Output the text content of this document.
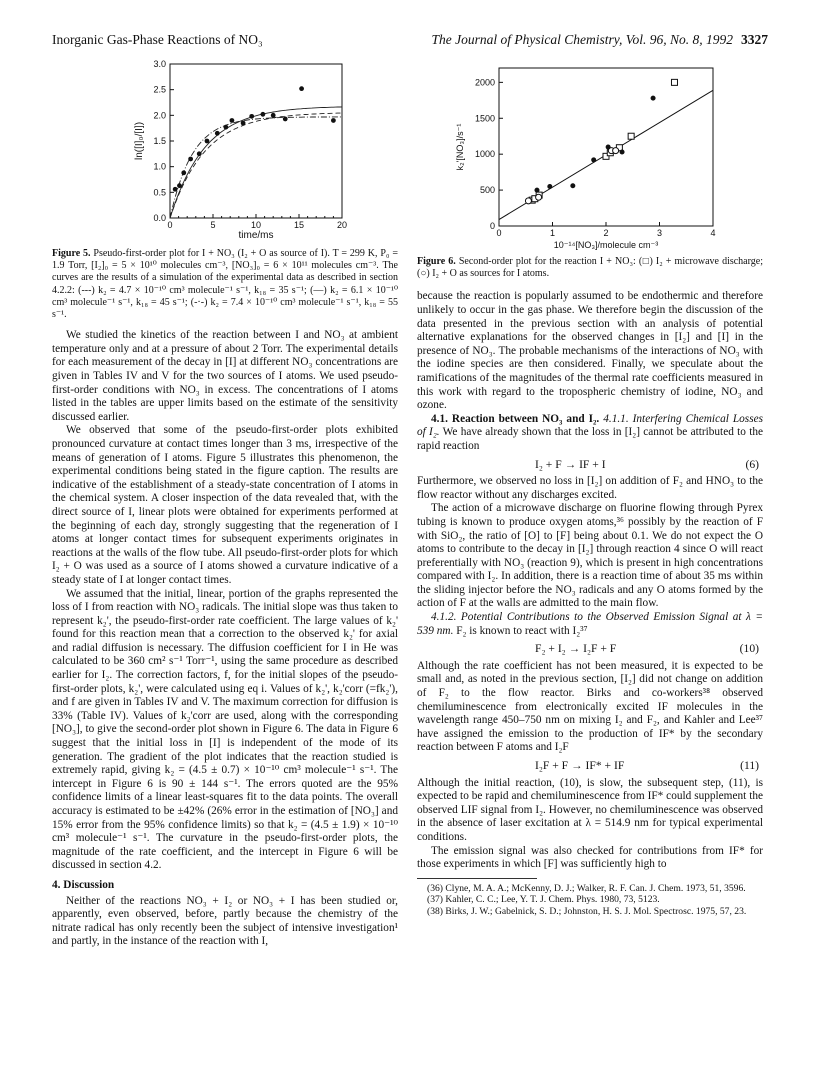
Inorganic Gas-Phase Reactions of NO₃	The Journal of Physical Chemistry, Vol. 96, No. 8, 1992 3327
0	5	10	15	20
0.0
0.5
1.0
1.5
2.0
2.5
3.0
time/ms
ln([I]₀/[I])
Figure 5. Pseudo-first-order plot for I + NO₃ (I₂ + O as source of I). T = 299 K, P₀ = 1.9 Torr, [I₂]₀ = 5 × 10¹⁰ molecules cm⁻³, [NO₃]₀ = 6 × 10¹¹ molecules cm⁻³. The curves are the results of a simulation of the experimental data as described in section 4.2.2: (---) k₂ = 4.7 × 10⁻¹⁰ cm³ molecule⁻¹ s⁻¹, k₁₈ = 35 s⁻¹; (—) k₂ = 6.1 × 10⁻¹⁰ cm³ molecule⁻¹ s⁻¹, k₁₈ = 45 s⁻¹; (-·-) k₂ = 7.4 × 10⁻¹⁰ cm³ molecule⁻¹ s⁻¹, k₁₈ = 55 s⁻¹.

We studied the kinetics of the reaction between I and NO₃ at ambient temperature only and at a pressure of about 2 Torr. The experimental details for each measurement of the decay in [I] at different NO₃ concentrations are given in Tables IV and V for the two sources of I atoms. We used pseudo-first-order conditions with NO₃ in excess. The concentrations of I atoms listed in the tables are upper limits based on the estimate of the sensitivity discussed earlier.

We observed that some of the pseudo-first-order plots exhibited pronounced curvature at contact times longer than 3 ms, irrespective of the means of generation of I atoms. Figure 5 illustrates this phenomenon, the experimental conditions being stated in the figure caption. The results are indicative of the establishment of a steady-state concentration of I atoms in the chemical system. A closer inspection of the data revealed that, with the direct source of I, linear plots were obtained for experiments performed at the beginning of each day, strongly suggesting that the regeneration of I atoms at longer contact times for subsequent experiments originates in reactions at the walls of the flow tube. All pseudo-first-order plots for which I₂ + O was used as a source of I atoms showed a curvature indicative of a steady state of I at longer contact times.

We assumed that the initial, linear, portion of the graphs represented the loss of I from reaction with NO₃ radicals. The initial slope was thus taken to represent k₂', the pseudo-first-order rate coefficient. The large values of k₂' found for this reaction mean that a correction to the observed k₂' for axial and radial diffusion is necessary. The diffusion coefficient for I in He was calculated to be 360 cm² s⁻¹ Torr⁻¹, using the same procedure as described earlier for I₂. The correction factors, f, for the initial slopes of the pseudo-first-order plots, k₂', were calculated using eq i. Values of k₂', k₂'corr (=fk₂'), and f are given in Tables IV and V. The maximum correction for diffusion is 33% (Table IV). Values of k₂'corr are used, along with the corresponding [NO₃], to give the second-order plot shown in Figure 6. The data in Figure 6 suggest that the initial loss in [I] is independent of the mode of its generation. The gradient of the plot indicates that the reaction studied is extremely rapid, giving k₂ = (4.5 ± 0.7) × 10⁻¹⁰ cm³ molecule⁻¹ s⁻¹. The intercept in Figure 6 is 90 ± 144 s⁻¹. The errors quoted are the 95% confidence limits of a linear least-squares fit to the data points. The overall accuracy is estimated to be ±42% (26% error in the estimation of [NO₃] and 15% error from the 95% confidence limits) so that k₂ = (4.5 ± 1.9) × 10⁻¹⁰ cm³ molecule⁻¹ s⁻¹. The curvature in the pseudo-first-order plots, the magnitude of the rate coefficient, and the intercept in Figure 6 will be discussed in section 4.2.

4. Discussion

Neither of the reactions NO₃ + I₂ or NO₃ + I has been studied or, apparently, even observed, before, partly because the chemistry of the nitrate radical has only recently been the subject of intensive investigation¹ and partly, in the instance of the reaction with I,

0	1	2	3	4
0
500
1000
1500
2000
10⁻¹⁴[NO₃]/molecule cm⁻³
k₂'[NO₃]/s⁻¹
Figure 6. Second-order plot for the reaction I + NO₃: (□) I₂ + microwave discharge; (○) I₂ + O as sources for I atoms.

because the reaction is popularly assumed to be endothermic and therefore unlikely to occur in the gas phase. We therefore begin the discussion of the data presented in the previous section with an analysis of potential alternative explanations for the observed changes in [I₂] and [I] in the presence of NO₃. The probable mechanisms of the interactions of NO₃ with the iodine species are then considered. Finally, we speculate about the ramifications of the magnitudes of the thermal rate coefficients measured in this work with regard to the tropospheric chemistry of iodine, NO₃ and ozone.

4.1. Reaction between NO₃ and I₂. 4.1.1. Interfering Chemical Losses of I₂. We have already shown that the loss in [I₂] cannot be attributed to the rapid reaction

I₂ + F → IF + I	(6)

Furthermore, we observed no loss in [I₂] on addition of F₂ and HNO₃ to the flow reactor without any discharges excited.

The action of a microwave discharge on fluorine flowing through Pyrex tubing is known to produce oxygen atoms,³⁶ possibly by the reaction of F with SiO₂, the ratio of [O] to [F] being about 0.1. We do not expect the O atoms to contribute to the decay in [I₂] through reaction 4 since O will react preferentially with NO₃ (reaction 9), which is present in high concentrations compared with I₂. In addition, there is a reaction time of about 35 ms within the sliding injector before the NO₃ radicals and any O atoms formed by the action of F at the walls are admitted to the main flow.

4.1.2. Potential Contributions to the Observed Emission Signal at λ = 539 nm. F₂ is known to react with I₂³⁷

F₂ + I₂ → I₂F + F	(10)

Although the rate coefficient has not been measured, it is expected to be small and, as noted in the previous section, [I₂] did not change on addition of F₂ to the flow reactor. Birks and co-workers³⁸ observed chemiluminescence from electronically excited IF molecules in the wavelength range 450–750 nm on mixing I₂ and F₂, and Kahler and Lee³⁷ have assigned the emission to the production of IF* by the secondary reaction between F atoms and I₂F

I₂F + F → IF* + IF	(11)

Although the initial reaction, (10), is slow, the subsequent step, (11), is expected to be rapid and chemiluminescence from IF* could supplement the observed LIF signal from I₂. However, no chemiluminescence was observed in the absence of laser excitation at λ = 514.9 nm for typical experimental conditions.

The emission signal was also checked for contributions from IF* for those experiments in which [F] was sufficiently high to

(36) Clyne, M. A. A.; McKenny, D. J.; Walker, R. F. Can. J. Chem. 1973, 51, 3596.

(37) Kahler, C. C.; Lee, Y. T. J. Chem. Phys. 1980, 73, 5123.

(38) Birks, J. W.; Gabelnick, S. D.; Johnston, H. S. J. Mol. Spectrosc. 1975, 57, 23.
